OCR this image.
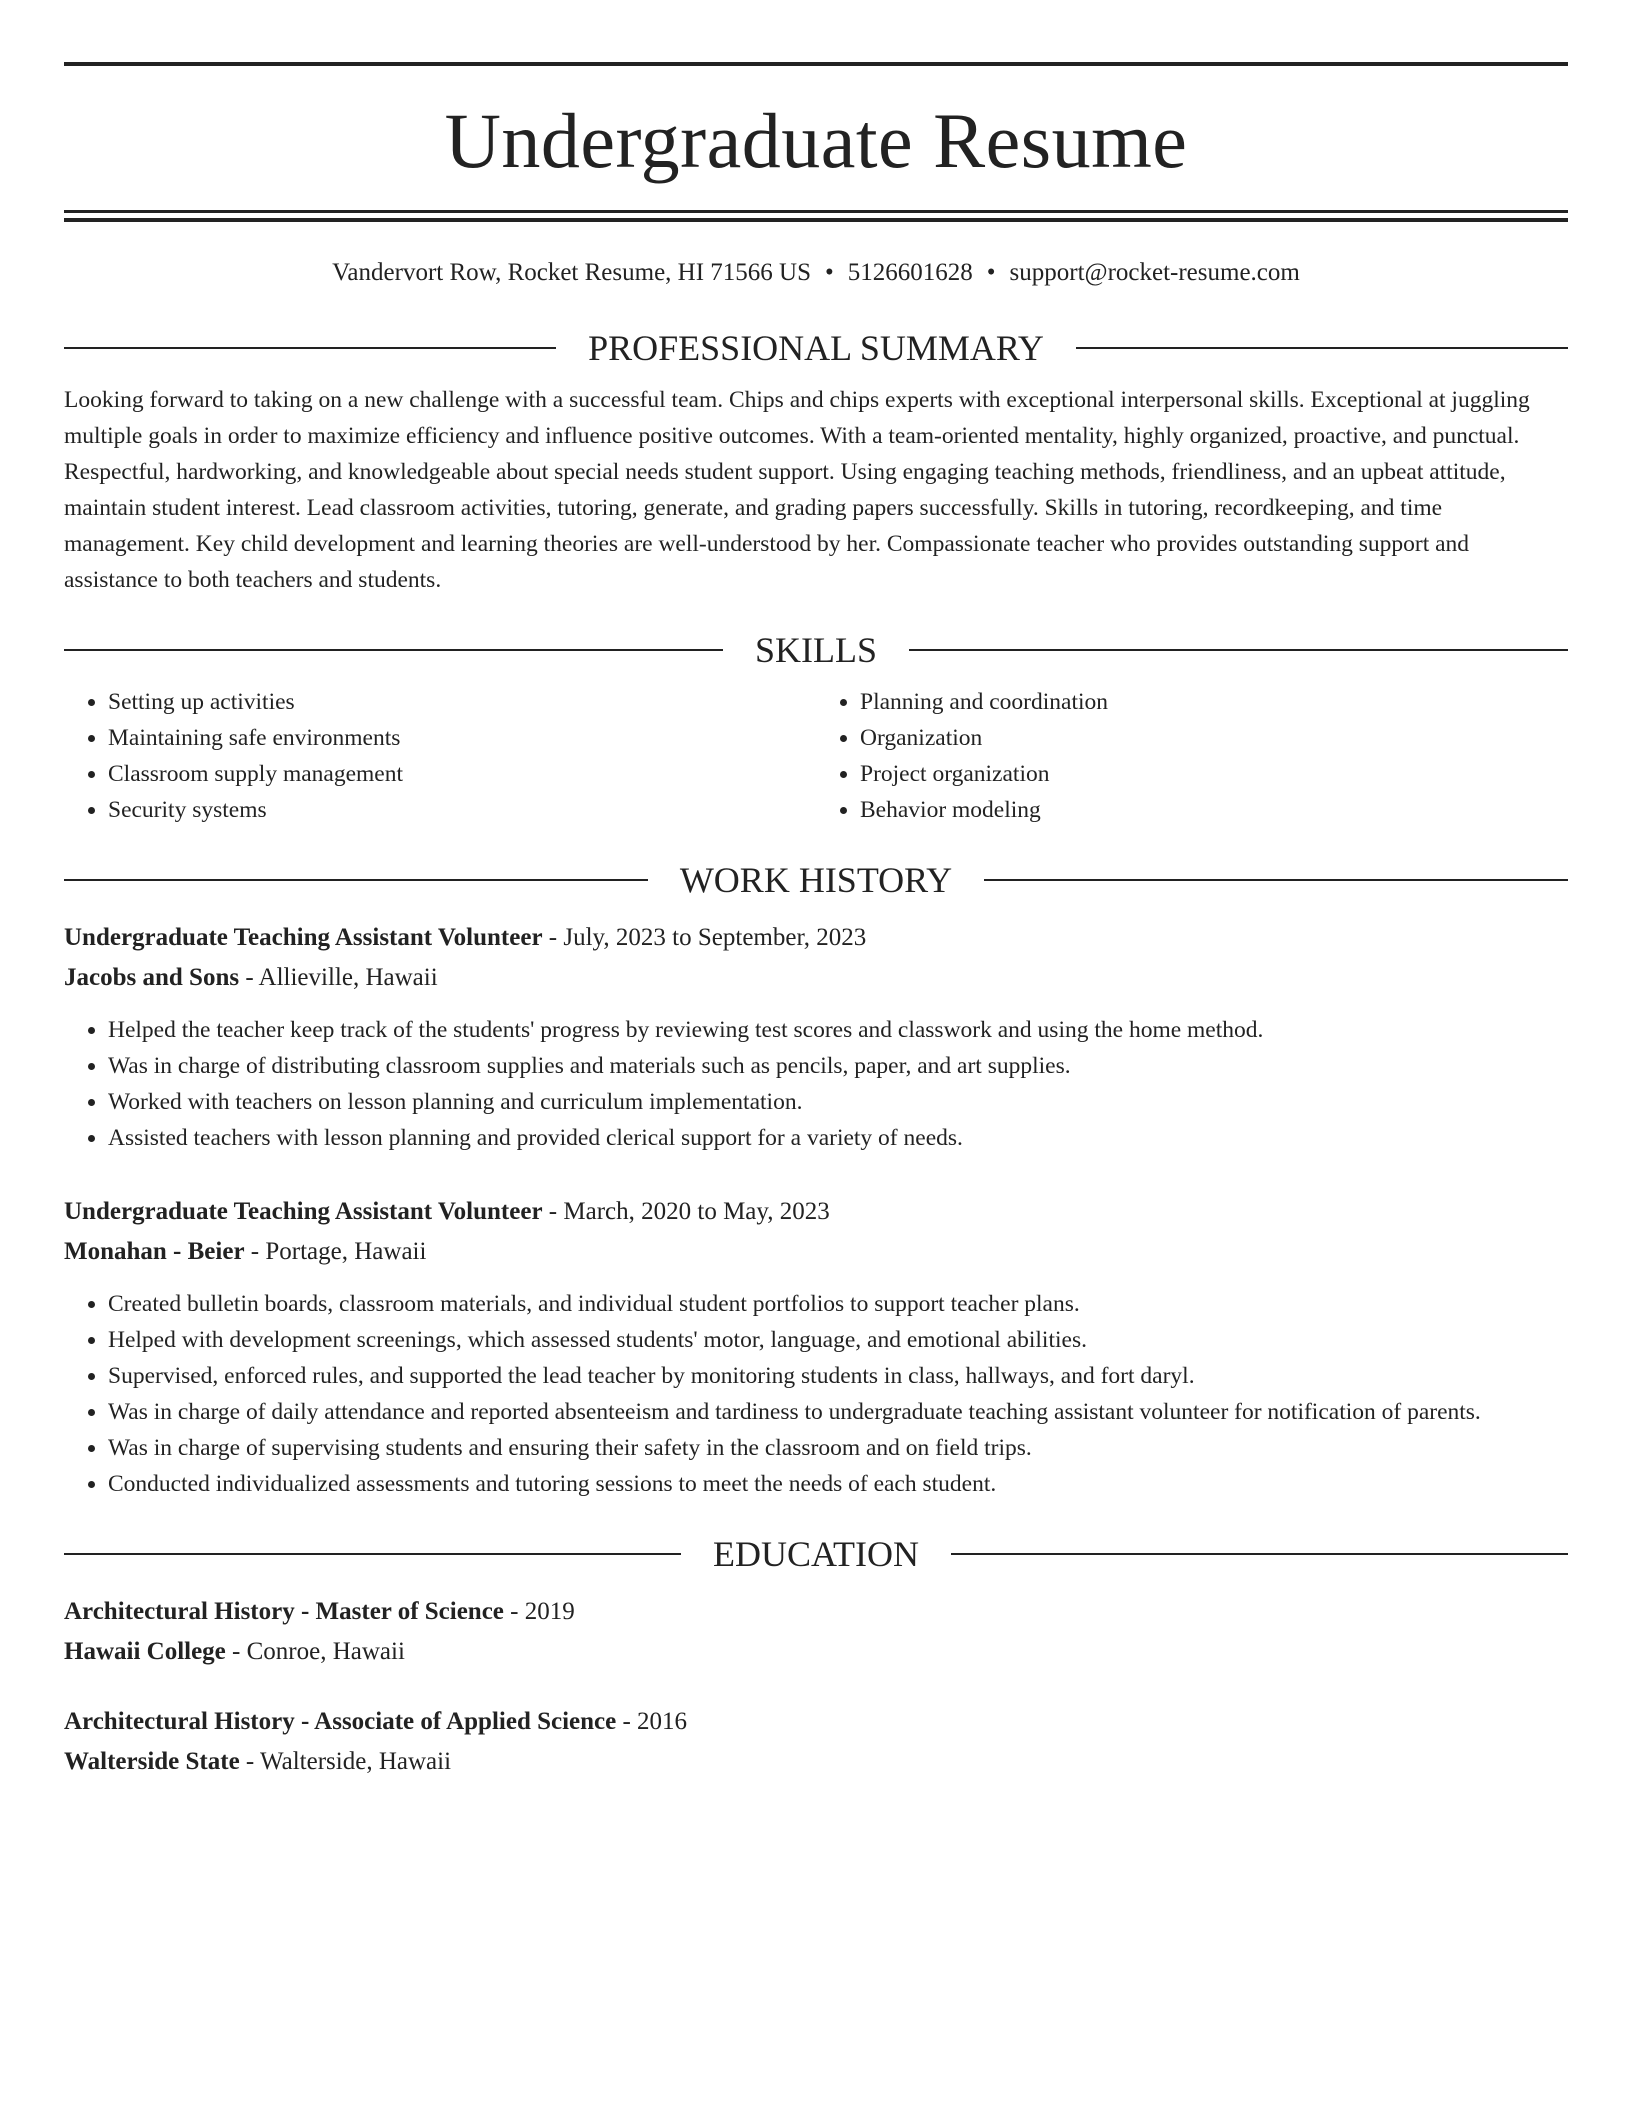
Undergraduate Resume
Vandervort Row, Rocket Resume, HI 71566 US • 5126601628 • support@rocket-resume.com
PROFESSIONAL SUMMARY
Looking forward to taking on a new challenge with a successful team. Chips and chips experts with exceptional interpersonal skills. Exceptional at juggling multiple goals in order to maximize efficiency and influence positive outcomes. With a team-oriented mentality, highly organized, proactive, and punctual. Respectful, hardworking, and knowledgeable about special needs student support. Using engaging teaching methods, friendliness, and an upbeat attitude, maintain student interest. Lead classroom activities, tutoring, generate, and grading papers successfully. Skills in tutoring, recordkeeping, and time management. Key child development and learning theories are well-understood by her. Compassionate teacher who provides outstanding support and assistance to both teachers and students.
SKILLS
• Setting up activities
• Maintaining safe environments
• Classroom supply management
• Security systems
• Planning and coordination
• Organization
• Project organization
• Behavior modeling
WORK HISTORY
Undergraduate Teaching Assistant Volunteer - July, 2023 to September, 2023
Jacobs and Sons - Allieville, Hawaii
• Helped the teacher keep track of the students' progress by reviewing test scores and classwork and using the home method.
• Was in charge of distributing classroom supplies and materials such as pencils, paper, and art supplies.
• Worked with teachers on lesson planning and curriculum implementation.
• Assisted teachers with lesson planning and provided clerical support for a variety of needs.
Undergraduate Teaching Assistant Volunteer - March, 2020 to May, 2023
Monahan - Beier - Portage, Hawaii
• Created bulletin boards, classroom materials, and individual student portfolios to support teacher plans.
• Helped with development screenings, which assessed students' motor, language, and emotional abilities.
• Supervised, enforced rules, and supported the lead teacher by monitoring students in class, hallways, and fort daryl.
• Was in charge of daily attendance and reported absenteeism and tardiness to undergraduate teaching assistant volunteer for notification of parents.
• Was in charge of supervising students and ensuring their safety in the classroom and on field trips.
• Conducted individualized assessments and tutoring sessions to meet the needs of each student.
EDUCATION
Architectural History - Master of Science - 2019
Hawaii College - Conroe, Hawaii
Architectural History - Associate of Applied Science - 2016
Walterside State - Walterside, Hawaii
